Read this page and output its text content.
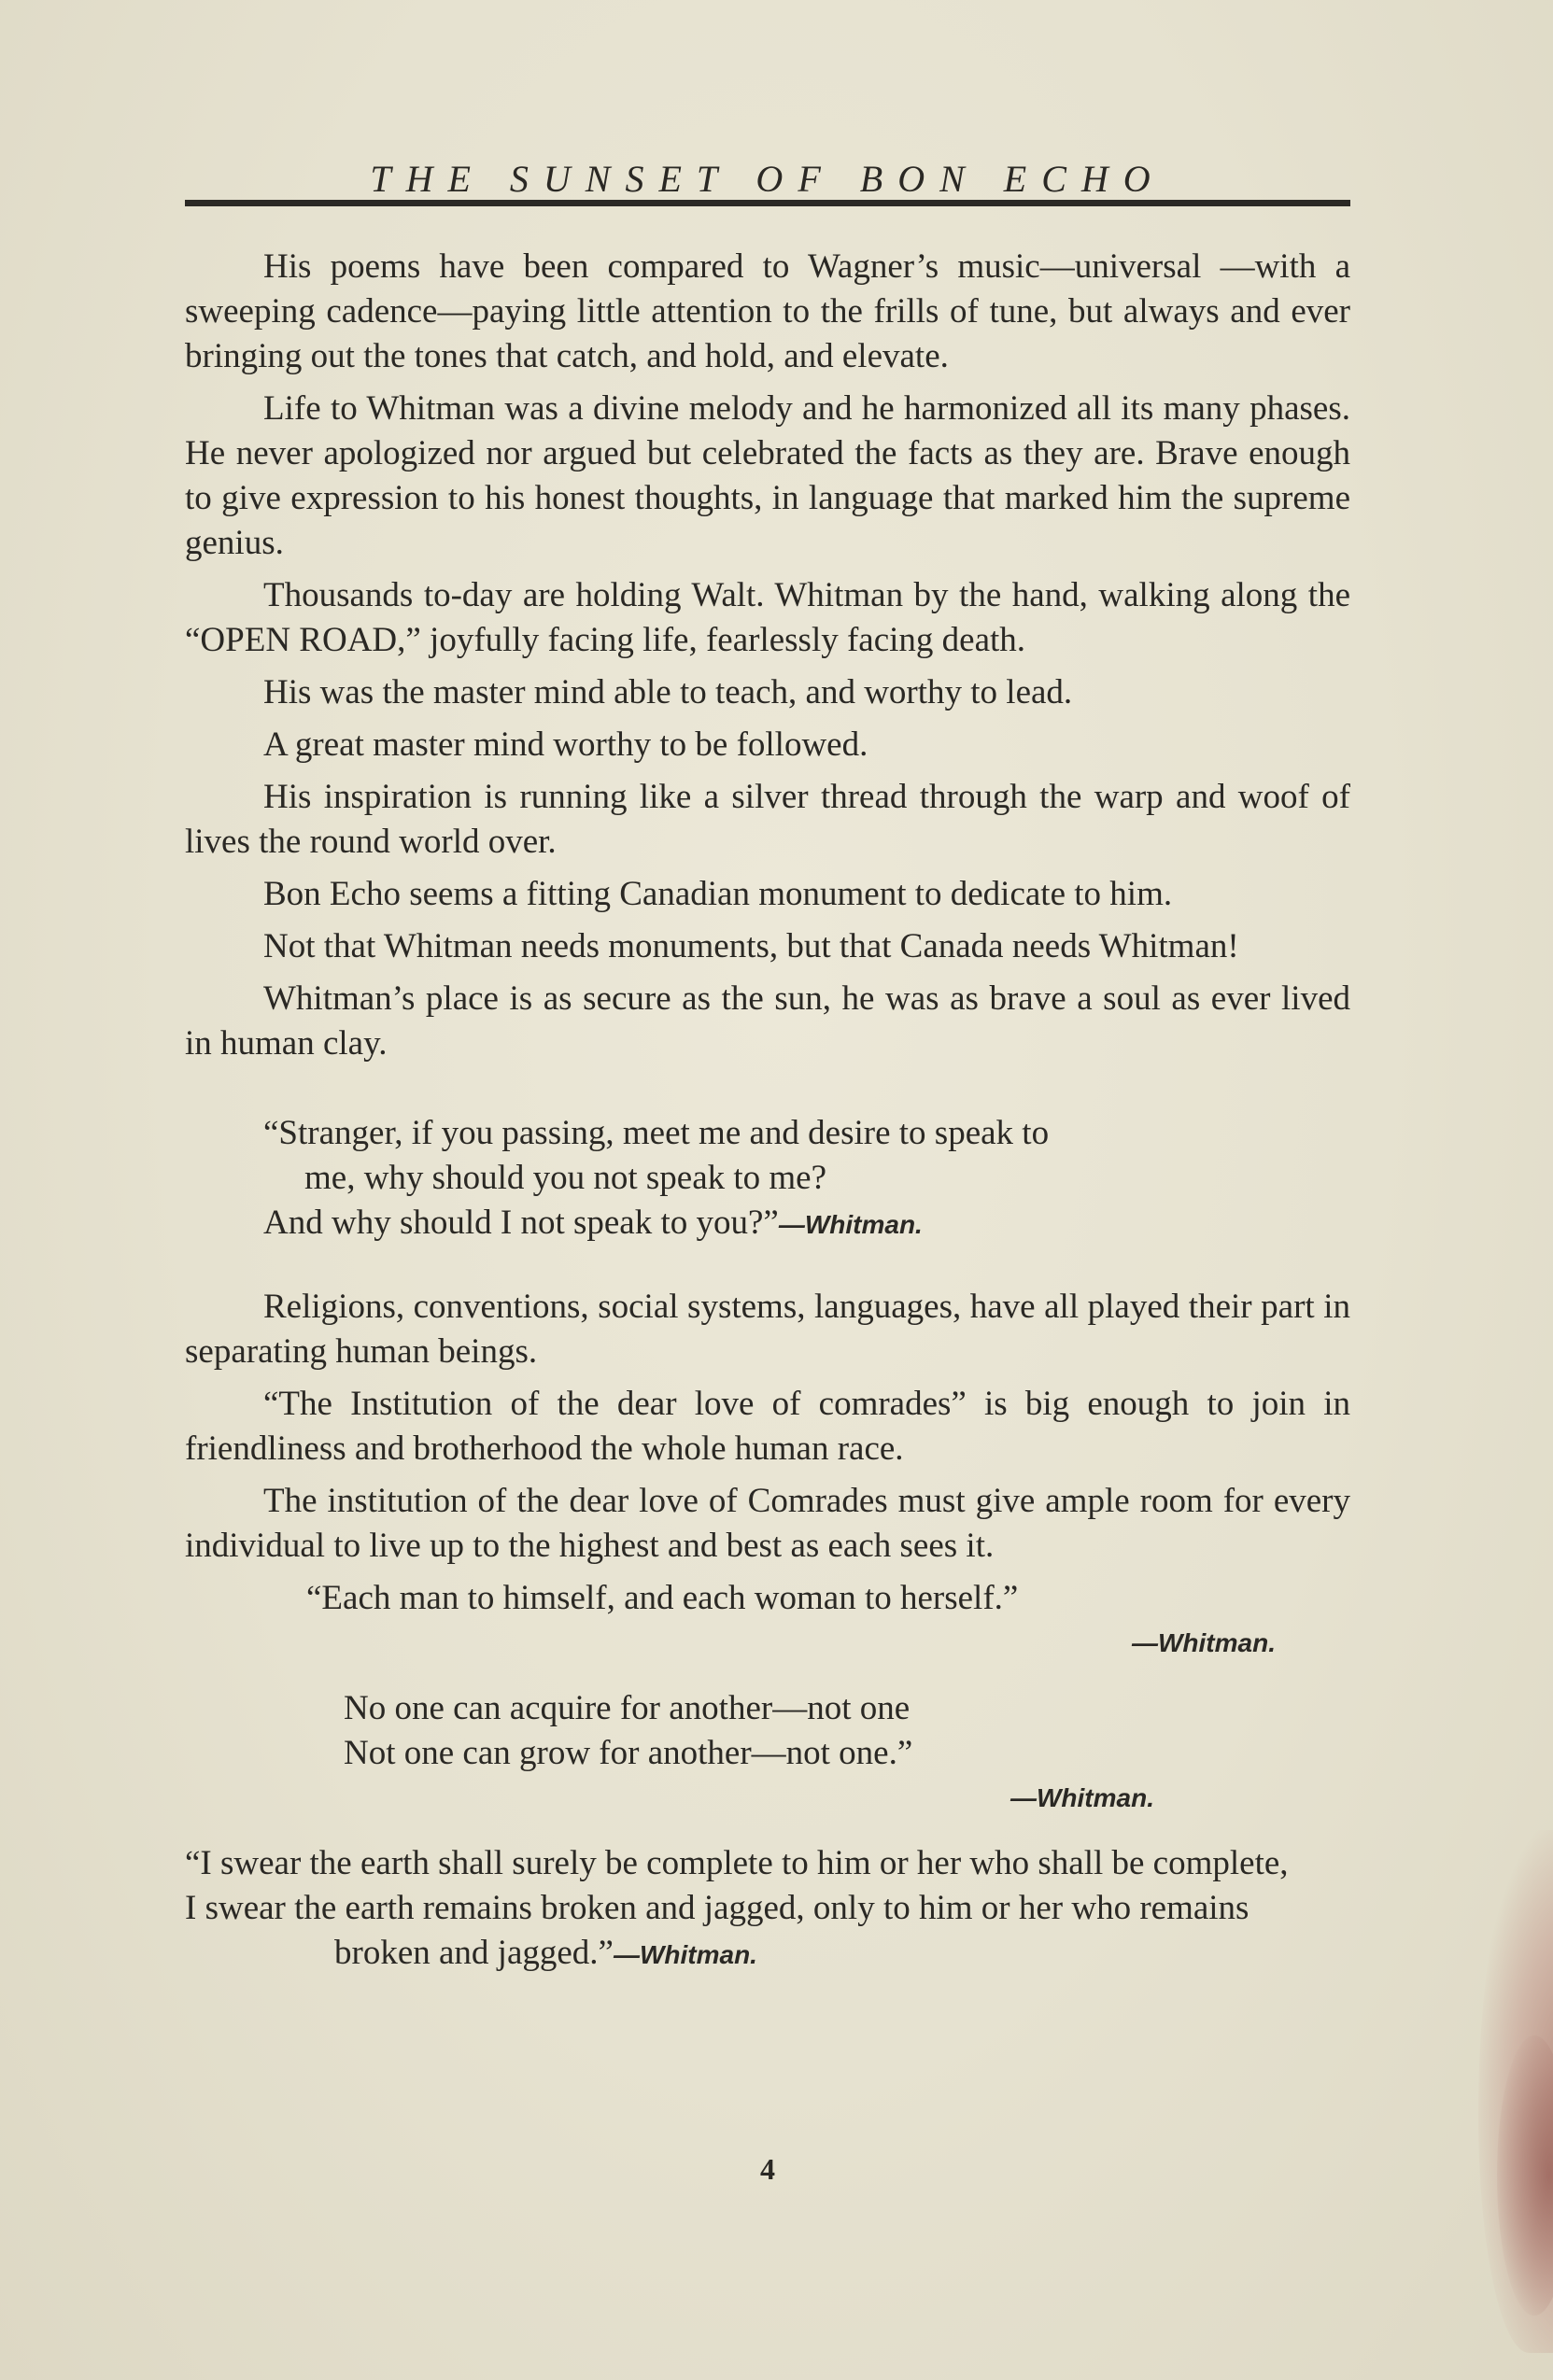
THE SUNSET OF BON ECHO

His poems have been compared to Wagner’s music—universal —with a sweeping cadence—paying little attention to the frills of tune, but always and ever bringing out the tones that catch, and hold, and elevate.

Life to Whitman was a divine melody and he harmonized all its many phases. He never apologized nor argued but celebrated the facts as they are. Brave enough to give expression to his honest thoughts, in language that marked him the supreme genius.

Thousands to-day are holding Walt. Whitman by the hand, walking along the “OPEN ROAD,” joyfully facing life, fearlessly facing death.

His was the master mind able to teach, and worthy to lead.

A great master mind worthy to be followed.

His inspiration is running like a silver thread through the warp and woof of lives the round world over.

Bon Echo seems a fitting Canadian monument to dedicate to him.

Not that Whitman needs monuments, but that Canada needs Whitman!

Whitman’s place is as secure as the sun, he was as brave a soul as ever lived in human clay.

“Stranger, if you passing, meet me and desire to speak to
me, why should you not speak to me?
And why should I not speak to you?”—Whitman.

Religions, conventions, social systems, languages, have all played their part in separating human beings.

“The Institution of the dear love of comrades” is big enough to join in friendliness and brotherhood the whole human race.

The institution of the dear love of Comrades must give ample room for every individual to live up to the highest and best as each sees it.

“Each man to himself, and each woman to herself.”

—Whitman.

No one can acquire for another—not one

Not one can grow for another—not one.”

—Whitman.

“I swear the earth shall surely be complete to him or her who shall be complete,

I swear the earth remains broken and jagged, only to him or her who remains broken and jagged.”—Whitman.

4
